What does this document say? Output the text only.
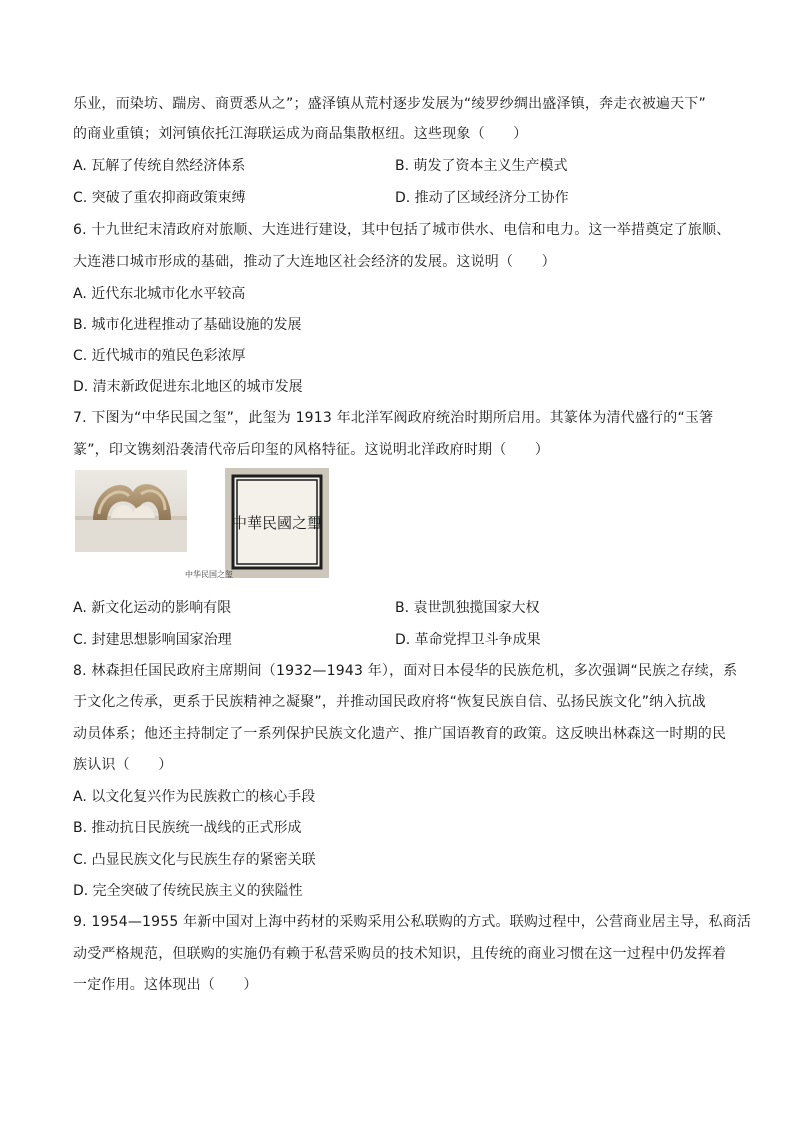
乐业，而染坊、踹房、商贾悉从之”；盛泽镇从荒村逐步发展为“绫罗纱绸出盛泽镇，奔走衣被遍天下”
的商业重镇；刘河镇依托江海联运成为商品集散枢纽。这些现象（　　）
A. 瓦解了传统自然经济体系	B. 萌发了资本主义生产模式
C. 突破了重农抑商政策束缚	D. 推动了区域经济分工协作
6. 十九世纪末清政府对旅顺、大连进行建设，其中包括了城市供水、电信和电力。这一举措奠定了旅顺、
大连港口城市形成的基础，推动了大连地区社会经济的发展。这说明（　　）
A. 近代东北城市化水平较高
B. 城市化进程推动了基础设施的发展
C. 近代城市的殖民色彩浓厚
D. 清末新政促进东北地区的城市发展
7. 下图为“中华民国之玺”，此玺为 1913 年北洋军阀政府统治时期所启用。其篆体为清代盛行的“玉箸
篆”，印文镌刻沿袭清代帝后印玺的风格特征。这说明北洋政府时期（　　）
中華民國之璽
中华民国之玺
A. 新文化运动的影响有限	B. 袁世凯独揽国家大权
C. 封建思想影响国家治理	D. 革命党捍卫斗争成果
8. 林森担任国民政府主席期间（1932—1943 年），面对日本侵华的民族危机，多次强调“民族之存续，系
于文化之传承，更系于民族精神之凝聚”，并推动国民政府将“恢复民族自信、弘扬民族文化”纳入抗战
动员体系；他还主持制定了一系列保护民族文化遗产、推广国语教育的政策。这反映出林森这一时期的民
族认识（　　）
A. 以文化复兴作为民族救亡的核心手段
B. 推动抗日民族统一战线的正式形成
C. 凸显民族文化与民族生存的紧密关联
D. 完全突破了传统民族主义的狭隘性
9. 1954—1955 年新中国对上海中药材的采购采用公私联购的方式。联购过程中，公营商业居主导，私商活
动受严格规范，但联购的实施仍有赖于私营采购员的技术知识，且传统的商业习惯在这一过程中仍发挥着
一定作用。这体现出（　　）
